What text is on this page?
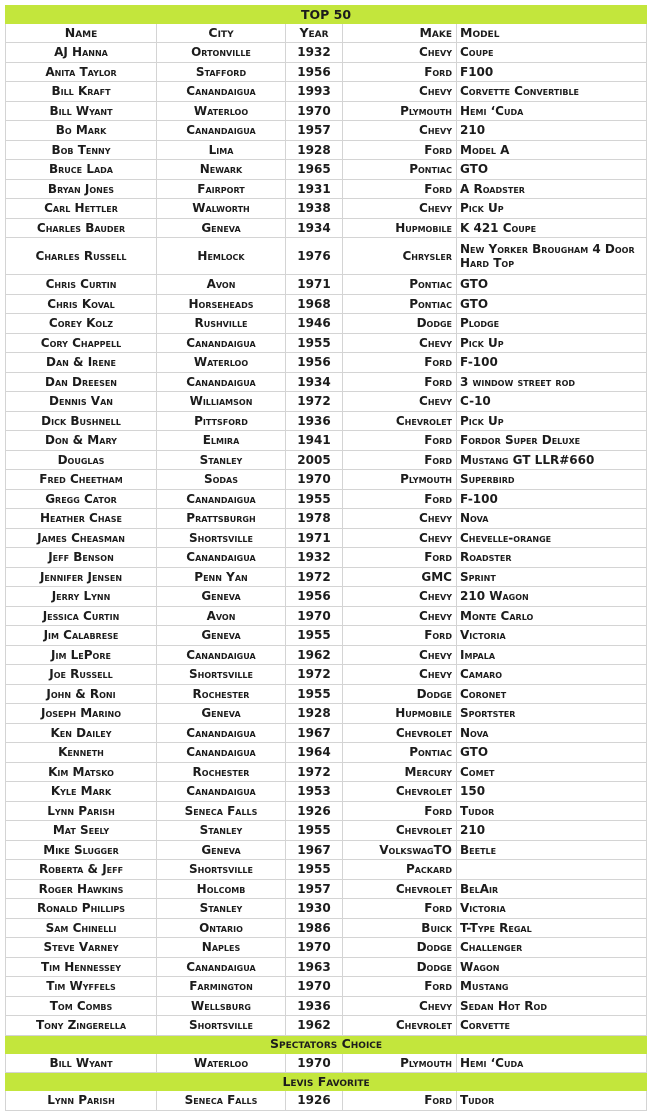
TOP 50				
Name	City	Year	Make	Model
AJ Hanna	Ortonville	1932	Chevy	Coupe
Anita Taylor	Stafford	1956	Ford	F100
Bill Kraft	Canandaigua	1993	Chevy	Corvette Convertible
Bill Wyant	Waterloo	1970	Plymouth	Hemi ‘Cuda
Bo Mark	Canandaigua	1957	Chevy	210
Bob Tenny	Lima	1928	Ford	Model A
Bruce Lada	Newark	1965	Pontiac	GTO
Bryan Jones	Fairport	1931	Ford	A Roadster
Carl Hettler	Walworth	1938	Chevy	Pick Up
Charles Bauder	Geneva	1934	Hupmobile	K 421 Coupe
Charles Russell	Hemlock	1976	Chrysler	New Yorker Brougham 4 Door Hard Top
Chris Curtin	Avon	1971	Pontiac	GTO
Chris Koval	Horseheads	1968	Pontiac	GTO
Corey Kolz	Rushville	1946	Dodge	Plodge
Cory Chappell	Canandaigua	1955	Chevy	Pick Up
Dan & Irene	Waterloo	1956	Ford	F-100
Dan Dreesen	Canandaigua	1934	Ford	3 window street rod
Dennis Van	Williamson	1972	Chevy	C-10
Dick Bushnell	Pittsford	1936	Chevrolet	Pick Up
Don & Mary	Elmira	1941	Ford	Fordor Super Deluxe
Douglas	Stanley	2005	Ford	Mustang GT LLR#660
Fred Cheetham	Sodas	1970	Plymouth	Superbird
Gregg Cator	Canandaigua	1955	Ford	F-100
Heather Chase	Prattsburgh	1978	Chevy	Nova
James Cheasman	Shortsville	1971	Chevy	Chevelle-orange
Jeff Benson	Canandaigua	1932	Ford	Roadster
Jennifer Jensen	Penn Yan	1972	GMC	Sprint
Jerry Lynn	Geneva	1956	Chevy	210 Wagon
Jessica Curtin	Avon	1970	Chevy	Monte Carlo
Jim Calabrese	Geneva	1955	Ford	Victoria
Jim LePore	Canandaigua	1962	Chevy	Impala
Joe Russell	Shortsville	1972	Chevy	Camaro
John & Roni	Rochester	1955	Dodge	Coronet
Joseph Marino	Geneva	1928	Hupmobile	Sportster
Ken Dailey	Canandaigua	1967	Chevrolet	Nova
Kenneth	Canandaigua	1964	Pontiac	GTO
Kim Matsko	Rochester	1972	Mercury	Comet
Kyle Mark	Canandaigua	1953	Chevrolet	150
Lynn Parish	Seneca Falls	1926	Ford	Tudor
Mat Seely	Stanley	1955	Chevrolet	210
Mike Slugger	Geneva	1967	VolkswagTO	Beetle
Roberta & Jeff	Shortsville	1955	Packard	
Roger Hawkins	Holcomb	1957	Chevrolet	BelAir
Ronald Phillips	Stanley	1930	Ford	Victoria
Sam Chinelli	Ontario	1986	Buick	T-Type Regal
Steve Varney	Naples	1970	Dodge	Challenger
Tim Hennessey	Canandaigua	1963	Dodge	Wagon
Tim Wyffels	Farmington	1970	Ford	Mustang
Tom Combs	Wellsburg	1936	Chevy	Sedan Hot Rod
Tony Zingerella	Shortsville	1962	Chevrolet	Corvette
Spectators Choice				
Bill Wyant	Waterloo	1970	Plymouth	Hemi ‘Cuda
Levis Favorite				
Lynn Parish	Seneca Falls	1926	Ford	Tudor
